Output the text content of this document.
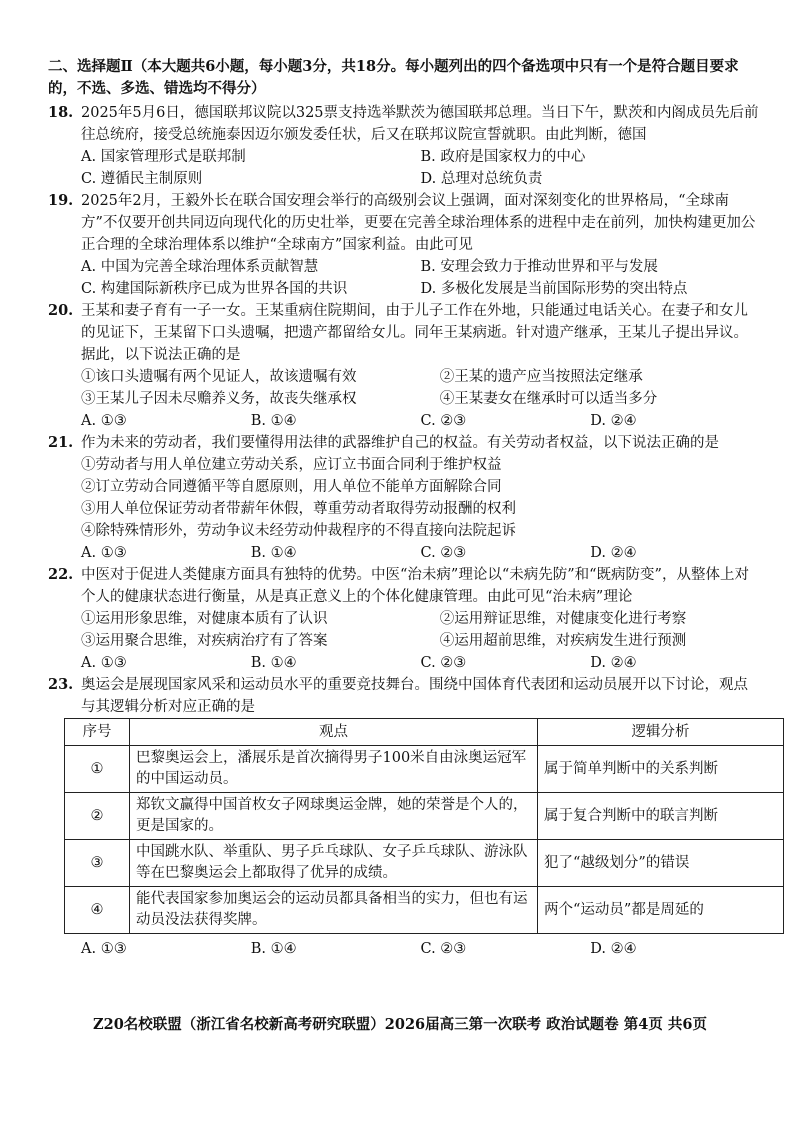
二、选择题Ⅱ（本大题共6小题，每小题3分，共18分。每小题列出的四个备选项中只有一个是符合题目要求的，不选、多选、错选均不得分）
18. 2025年5月6日，德国联邦议院以325票支持选举默茨为德国联邦总理。当日下午，默茨和内阁成员先后前往总统府，接受总统施泰因迈尔颁发委任状，后又在联邦议院宣誓就职。由此判断，德国
A. 国家管理形式是联邦制	B. 政府是国家权力的中心
C. 遵循民主制原则	D. 总理对总统负责
19. 2025年2月，王毅外长在联合国安理会举行的高级别会议上强调，面对深刻变化的世界格局，“全球南方”不仅要开创共同迈向现代化的历史壮举，更要在完善全球治理体系的进程中走在前列，加快构建更加公正合理的全球治理体系以维护“全球南方”国家利益。由此可见
A. 中国为完善全球治理体系贡献智慧	B. 安理会致力于推动世界和平与发展
C. 构建国际新秩序已成为世界各国的共识	D. 多极化发展是当前国际形势的突出特点
20. 王某和妻子育有一子一女。王某重病住院期间，由于儿子工作在外地，只能通过电话关心。在妻子和女儿的见证下，王某留下口头遗嘱，把遗产都留给女儿。同年王某病逝。针对遗产继承，王某儿子提出异议。据此，以下说法正确的是
①该口头遗嘱有两个见证人，故该遗嘱有效	②王某的遗产应当按照法定继承
③王某儿子因未尽赡养义务，故丧失继承权	④王某妻女在继承时可以适当多分
A. ①③	B. ①④	C. ②③	D. ②④
21. 作为未来的劳动者，我们要懂得用法律的武器维护自己的权益。有关劳动者权益，以下说法正确的是
①劳动者与用人单位建立劳动关系，应订立书面合同利于维护权益
②订立劳动合同遵循平等自愿原则，用人单位不能单方面解除合同
③用人单位保证劳动者带薪年休假，尊重劳动者取得劳动报酬的权利
④除特殊情形外，劳动争议未经劳动仲裁程序的不得直接向法院起诉
A. ①③	B. ①④	C. ②③	D. ②④
22. 中医对于促进人类健康方面具有独特的优势。中医“治未病”理论以“未病先防”和“既病防变”，从整体上对个人的健康状态进行衡量，从是真正意义上的个体化健康管理。由此可见“治未病”理论
①运用形象思维，对健康本质有了认识	②运用辩证思维，对健康变化进行考察
③运用聚合思维，对疾病治疗有了答案	④运用超前思维，对疾病发生进行预测
A. ①③	B. ①④	C. ②③	D. ②④
23. 奥运会是展现国家风采和运动员水平的重要竞技舞台。围绕中国体育代表团和运动员展开以下讨论，观点与其逻辑分析对应正确的是
序号	观点	逻辑分析
①	巴黎奥运会上，潘展乐是首次摘得男子100米自由泳奥运冠军的中国运动员。	属于简单判断中的关系判断
②	郑钦文赢得中国首枚女子网球奥运金牌，她的荣誉是个人的，更是国家的。	属于复合判断中的联言判断
③	中国跳水队、举重队、男子乒乓球队、女子乒乓球队、游泳队等在巴黎奥运会上都取得了优异的成绩。	犯了“越级划分”的错误
④	能代表国家参加奥运会的运动员都具备相当的实力，但也有运动员没法获得奖牌。	两个“运动员”都是周延的
A. ①③	B. ①④	C. ②③	D. ②④
Z20名校联盟（浙江省名校新高考研究联盟）2026届高三第一次联考 政治试题卷 第4页 共6页
